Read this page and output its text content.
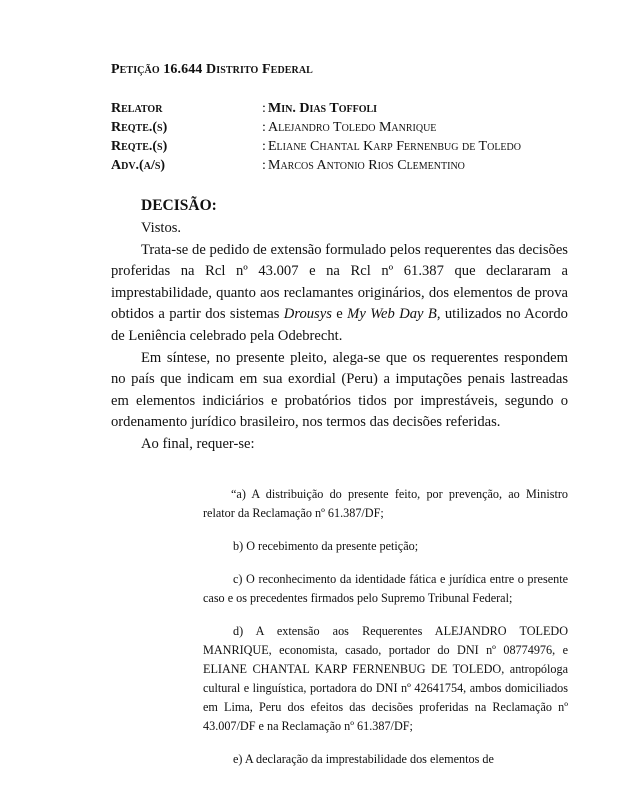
Petição 16.644 Distrito Federal
Relator	: Min. Dias Toffoli
Reqte.(s)	: Alejandro Toledo Manrique
Reqte.(s)	: Eliane Chantal Karp Fernenbug de Toledo
Adv.(a/s)	: Marcos Antonio Rios Clementino
DECISÃO:

Vistos.

Trata-se de pedido de extensão formulado pelos requerentes das decisões proferidas na Rcl nº 43.007 e na Rcl nº 61.387 que declararam a imprestabilidade, quanto aos reclamantes originários, dos elementos de prova obtidos a partir dos sistemas Drousys e My Web Day B, utilizados no Acordo de Leniência celebrado pela Odebrecht.

Em síntese, no presente pleito, alega-se que os requerentes respondem no país que indicam em sua exordial (Peru) a imputações penais lastreadas em elementos indiciários e probatórios tidos por imprestáveis, segundo o ordenamento jurídico brasileiro, nos termos das decisões referidas.

Ao final, requer-se:

“a) A distribuição do presente feito, por prevenção, ao Ministro relator da Reclamação nº 61.387/DF;

b) O recebimento da presente petição;

c) O reconhecimento da identidade fática e jurídica entre o presente caso e os precedentes firmados pelo Supremo Tribunal Federal;

d) A extensão aos Requerentes ALEJANDRO TOLEDO MANRIQUE, economista, casado, portador do DNI nº 08774976, e ELIANE CHANTAL KARP FERNENBUG DE TOLEDO, antropóloga cultural e linguística, portadora do DNI nº 42641754, ambos domiciliados em Lima, Peru dos efeitos das decisões proferidas na Reclamação nº 43.007/DF e na Reclamação nº 61.387/DF;

e) A declaração da imprestabilidade dos elementos de
